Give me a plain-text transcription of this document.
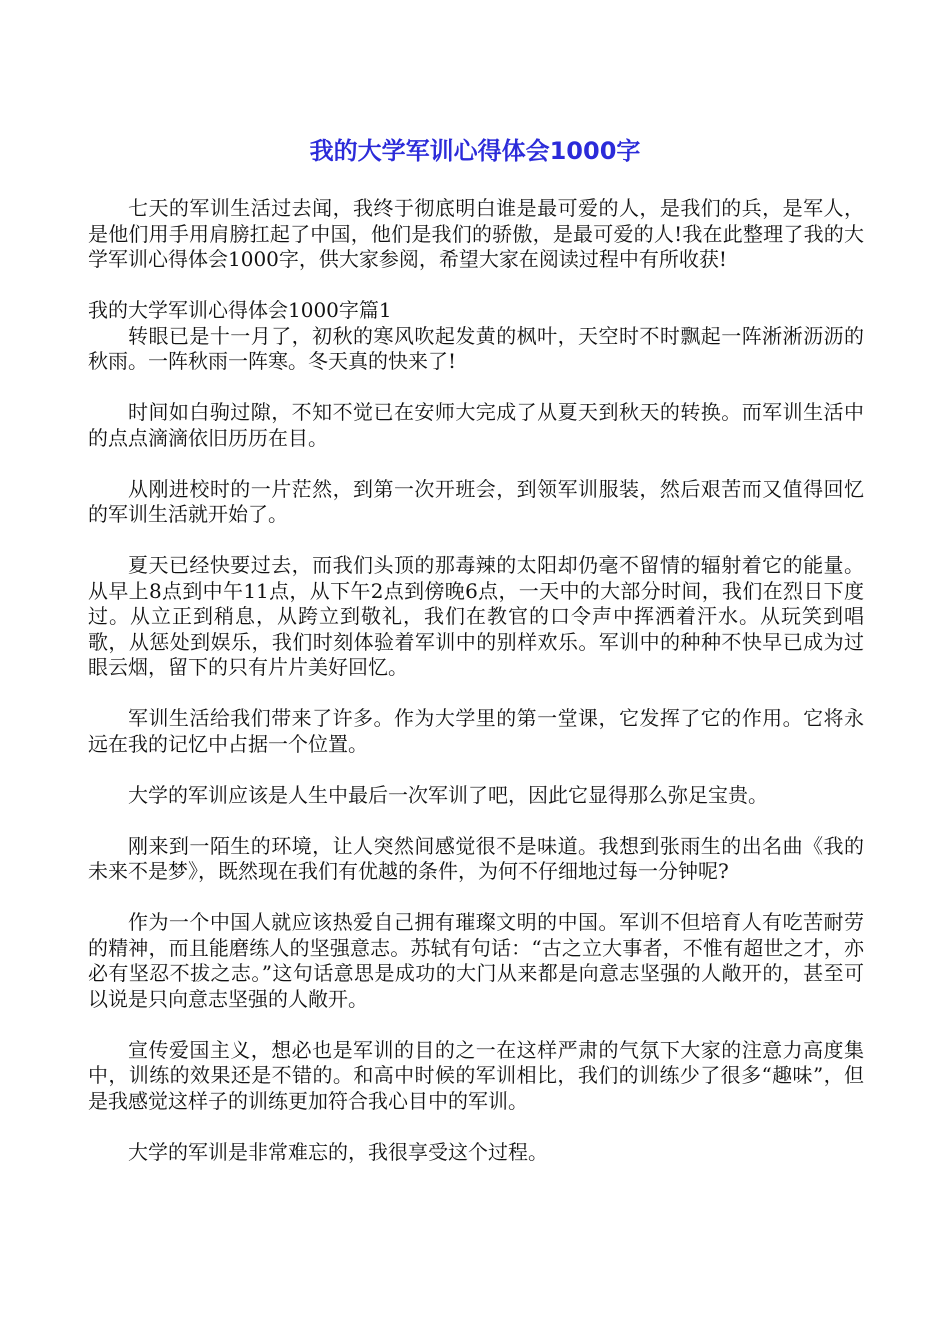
我的大学军训心得体会1000字

七天的军训生活过去闻，我终于彻底明白谁是最可爱的人，是我们的兵，是军人，是他们用手用肩膀扛起了中国，他们是我们的骄傲，是最可爱的人!我在此整理了我的大学军训心得体会1000字，供大家参阅，希望大家在阅读过程中有所收获!

我的大学军训心得体会1000字篇1

转眼已是十一月了，初秋的寒风吹起发黄的枫叶，天空时不时飘起一阵淅淅沥沥的秋雨。一阵秋雨一阵寒。冬天真的快来了!

时间如白驹过隙，不知不觉已在安师大完成了从夏天到秋天的转换。而军训生活中的点点滴滴依旧历历在目。

从刚进校时的一片茫然，到第一次开班会，到领军训服装，然后艰苦而又值得回忆的军训生活就开始了。

夏天已经快要过去，而我们头顶的那毒辣的太阳却仍毫不留情的辐射着它的能量。从早上8点到中午11点，从下午2点到傍晚6点，一天中的大部分时间，我们在烈日下度过。从立正到稍息，从跨立到敬礼，我们在教官的口令声中挥洒着汗水。从玩笑到唱歌，从惩处到娱乐，我们时刻体验着军训中的别样欢乐。军训中的种种不快早已成为过眼云烟，留下的只有片片美好回忆。

军训生活给我们带来了许多。作为大学里的第一堂课，它发挥了它的作用。它将永远在我的记忆中占据一个位置。

大学的军训应该是人生中最后一次军训了吧，因此它显得那么弥足宝贵。

刚来到一陌生的环境，让人突然间感觉很不是味道。我想到张雨生的出名曲《我的未来不是梦》，既然现在我们有优越的条件，为何不仔细地过每一分钟呢?

作为一个中国人就应该热爱自己拥有璀璨文明的中国。军训不但培育人有吃苦耐劳的精神，而且能磨练人的坚强意志。苏轼有句话：“古之立大事者，不惟有超世之才，亦必有坚忍不拔之志。”这句话意思是成功的大门从来都是向意志坚强的人敞开的，甚至可以说是只向意志坚强的人敞开。

宣传爱国主义，想必也是军训的目的之一在这样严肃的气氛下大家的注意力高度集中，训练的效果还是不错的。和高中时候的军训相比，我们的训练少了很多“趣味”，但是我感觉这样子的训练更加符合我心目中的军训。

大学的军训是非常难忘的，我很享受这个过程。
